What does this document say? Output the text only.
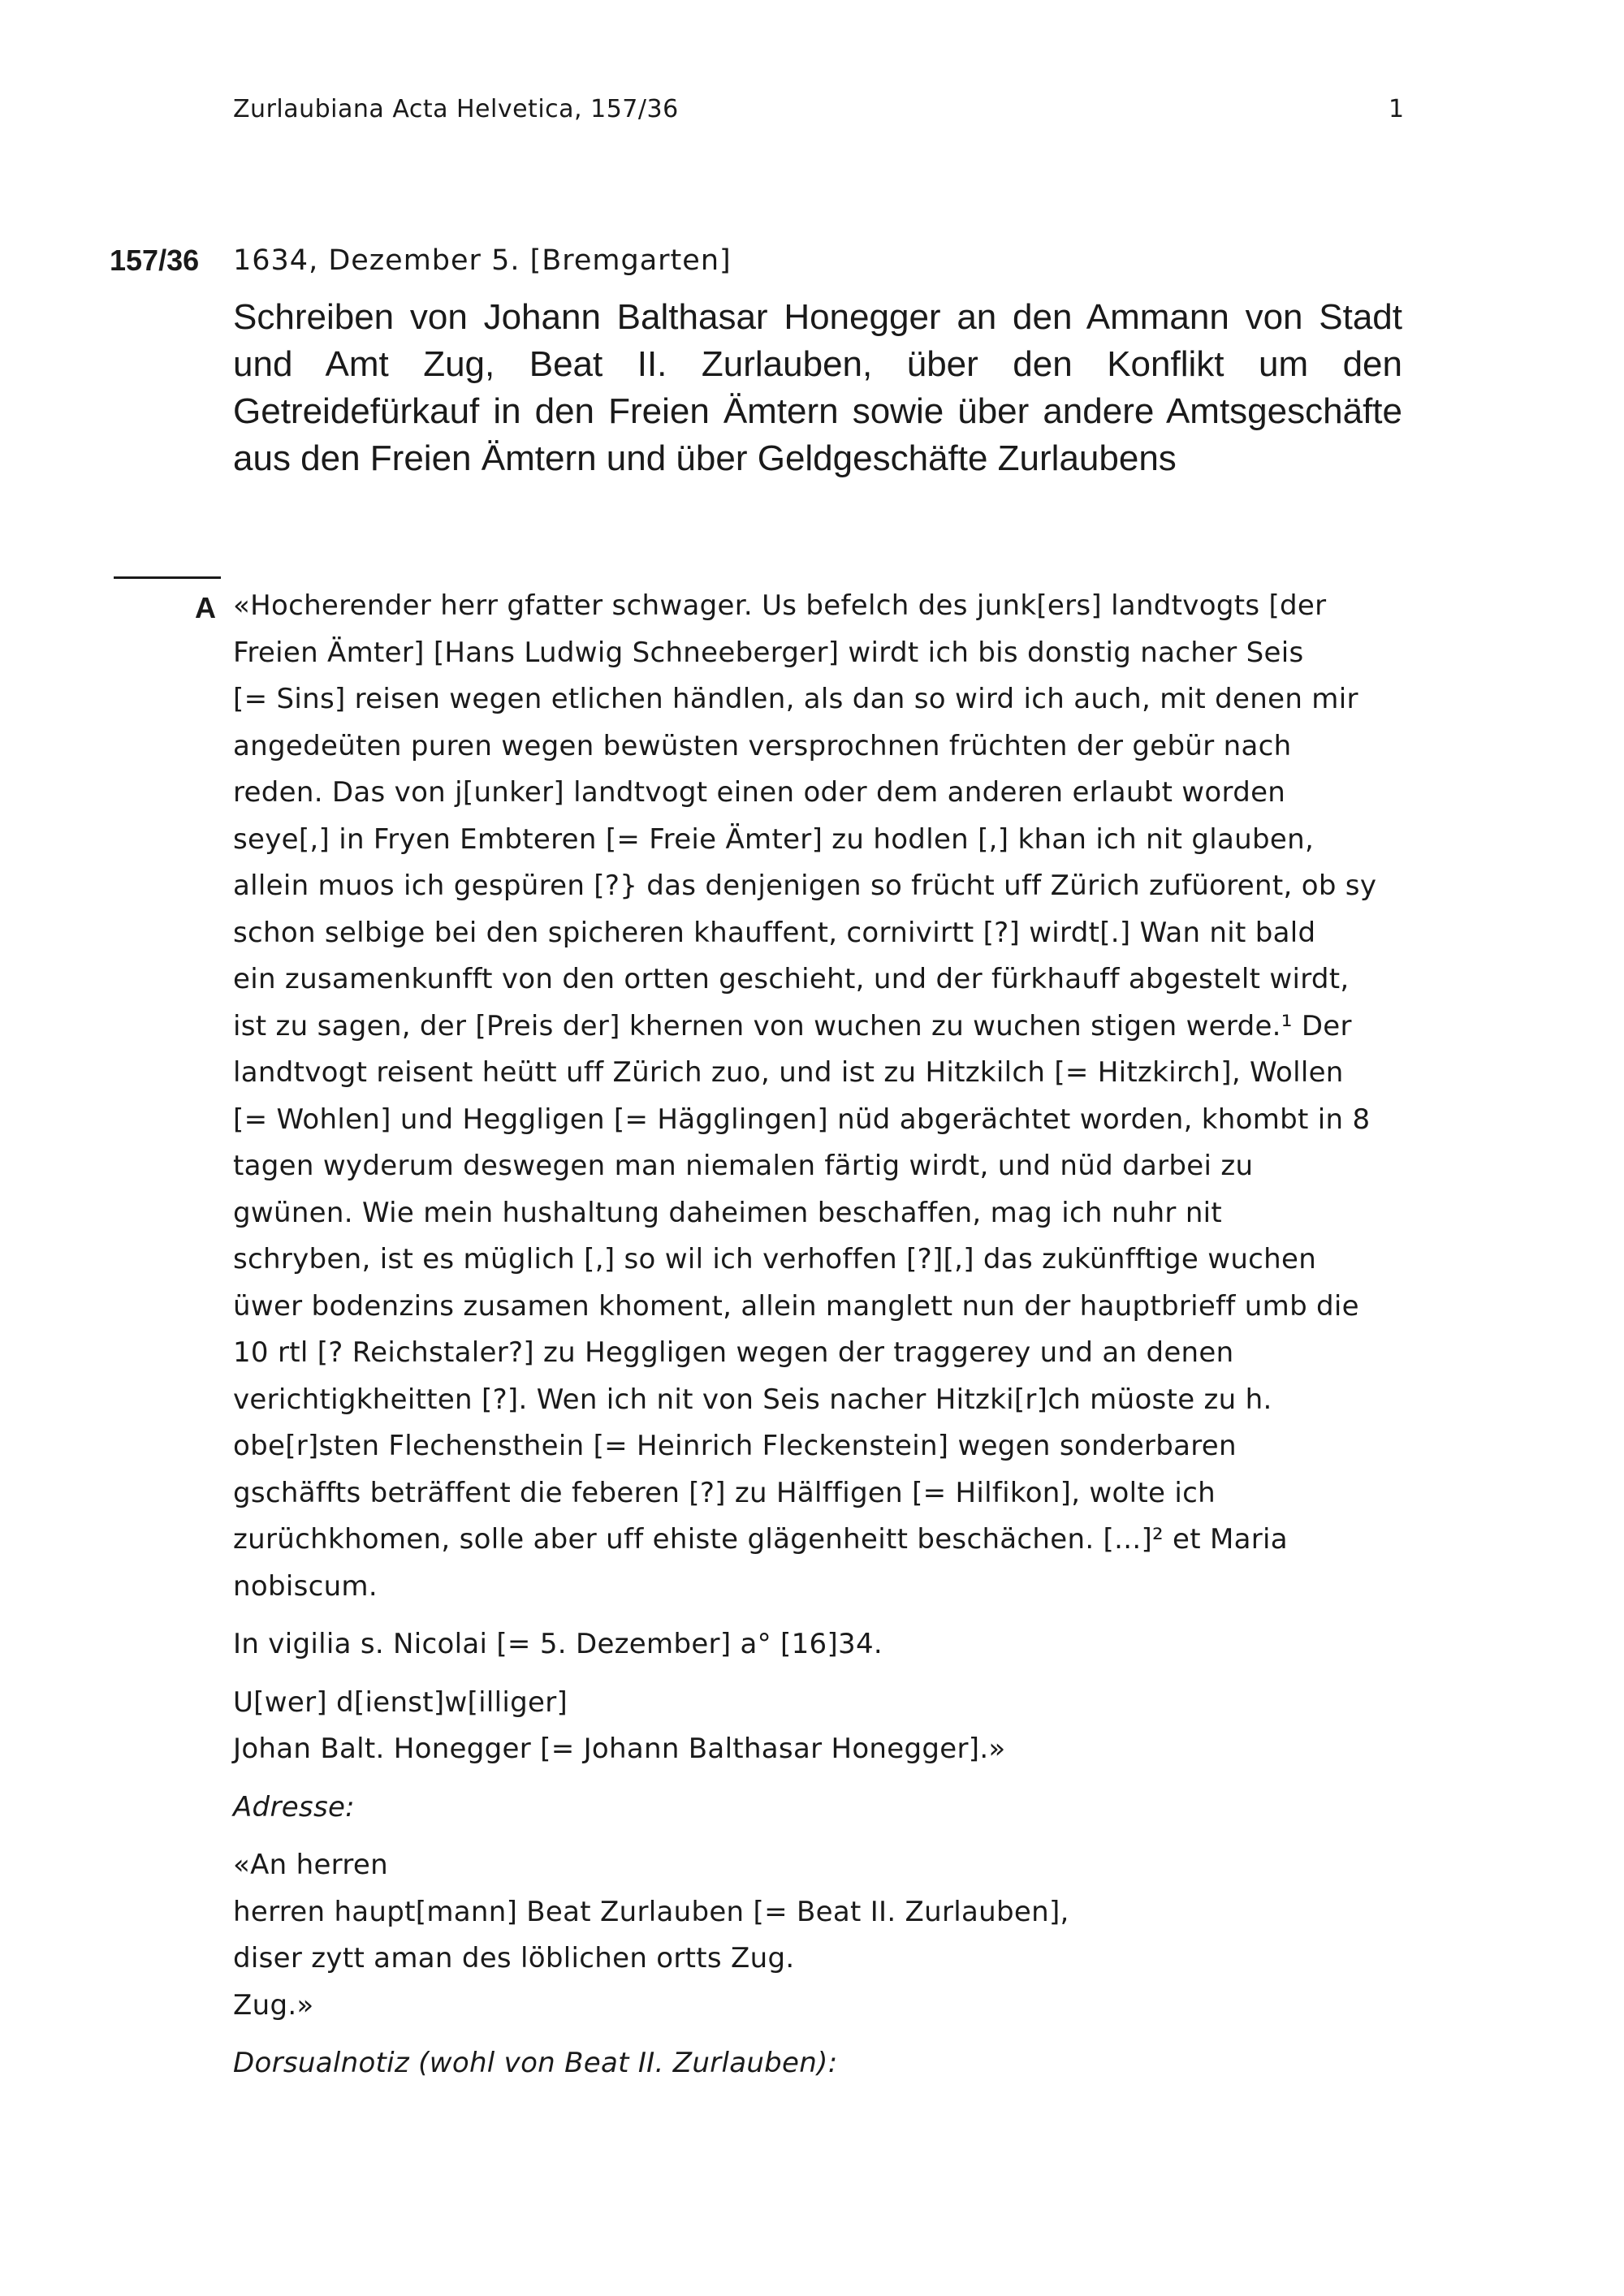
Zurlaubiana Acta Helvetica, 157/36	1
157/36 1634, Dezember 5. [Bremgarten]
Schreiben von Johann Balthasar Honegger an den Ammann von Stadt und Amt Zug, Beat II. Zurlauben, über den Konflikt um den Getreidefürkauf in den Freien Ämtern sowie über andere Amtsgeschäfte aus den Freien Ämtern und über Geldgeschäfte Zurlaubens
A «Hocherender herr gfatter schwager. Us befelch des junk[ers] landtvogts [der

Freien Ämter] [Hans Ludwig Schneeberger] wirdt ich bis donstig nacher Seis

[= Sins] reisen wegen etlichen händlen, als dan so wird ich auch, mit denen mir

angedeüten puren wegen bewüsten versprochnen früchten der gebür nach

reden. Das von j[unker] landtvogt einen oder dem anderen erlaubt worden

seye[,] in Fryen Embteren [= Freie Ämter] zu hodlen [,] khan ich nit glauben,

allein muos ich gespüren [?} das denjenigen so frücht uff Zürich zufüorent, ob sy

schon selbige bei den spicheren khauffent, cornivirtt [?] wirdt[.] Wan nit bald

ein zusamenkunfft von den ortten geschieht, und der fürkhauff abgestelt wirdt,

ist zu sagen, der [Preis der] khernen von wuchen zu wuchen stigen werde.¹ Der

landtvogt reisent heütt uff Zürich zuo, und ist zu Hitzkilch [= Hitzkirch], Wollen

[= Wohlen] und Heggligen [= Hägglingen] nüd abgerächtet worden, khombt in 8

tagen wyderum deswegen man niemalen färtig wirdt, und nüd darbei zu

gwünen. Wie mein hushaltung daheimen beschaffen, mag ich nuhr nit

schryben, ist es müglich [,] so wil ich verhoffen [?][,] das zukünfftige wuchen

üwer bodenzins zusamen khoment, allein manglett nun der hauptbrieff umb die

10 rtl [? Reichstaler?] zu Heggligen wegen der traggerey und an denen

verichtigkheitten [?]. Wen ich nit von Seis nacher Hitzki[r]ch müoste zu h.

obe[r]sten Flechensthein [= Heinrich Fleckenstein] wegen sonderbaren

gschäffts beträffent die feberen [?] zu Hälffigen [= Hilfikon], wolte ich

zurüchkhomen, solle aber uff ehiste glägenheitt beschächen. [...]² et Maria

nobiscum.

In vigilia s. Nicolai [= 5. Dezember] a° [16]34.

U[wer] d[ienst]w[illiger]

Johan Balt. Honegger [= Johann Balthasar Honegger].»

Adresse:

«An herren

herren haupt[mann] Beat Zurlauben [= Beat II. Zurlauben],

diser zytt aman des löblichen ortts Zug.

Zug.»

Dorsualnotiz (wohl von Beat II. Zurlauben):
